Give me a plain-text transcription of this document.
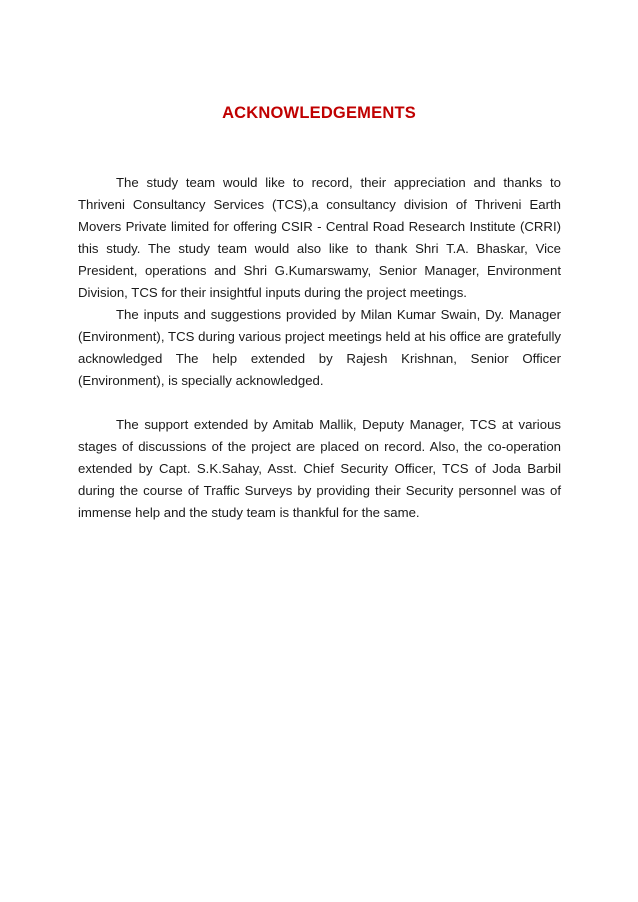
ACKNOWLEDGEMENTS

The study team would like to record, their appreciation and thanks to Thriveni Consultancy Services (TCS),a consultancy division of Thriveni Earth Movers Private limited for offering CSIR - Central Road Research Institute (CRRI) this study. The study team would also like to thank Shri T.A. Bhaskar, Vice President, operations and Shri G.Kumarswamy, Senior Manager, Environment Division, TCS for their insightful inputs during the project meetings.

The inputs and suggestions provided by Milan Kumar Swain, Dy. Manager (Environment), TCS during various project meetings held at his office are gratefully acknowledged The help extended by Rajesh Krishnan, Senior Officer (Environment), is specially acknowledged.

The support extended by Amitab Mallik, Deputy Manager, TCS at various stages of discussions of the project are placed on record. Also, the co-operation extended by Capt. S.K.Sahay, Asst. Chief Security Officer, TCS of Joda Barbil during the course of Traffic Surveys by providing their Security personnel was of immense help and the study team is thankful for the same.
